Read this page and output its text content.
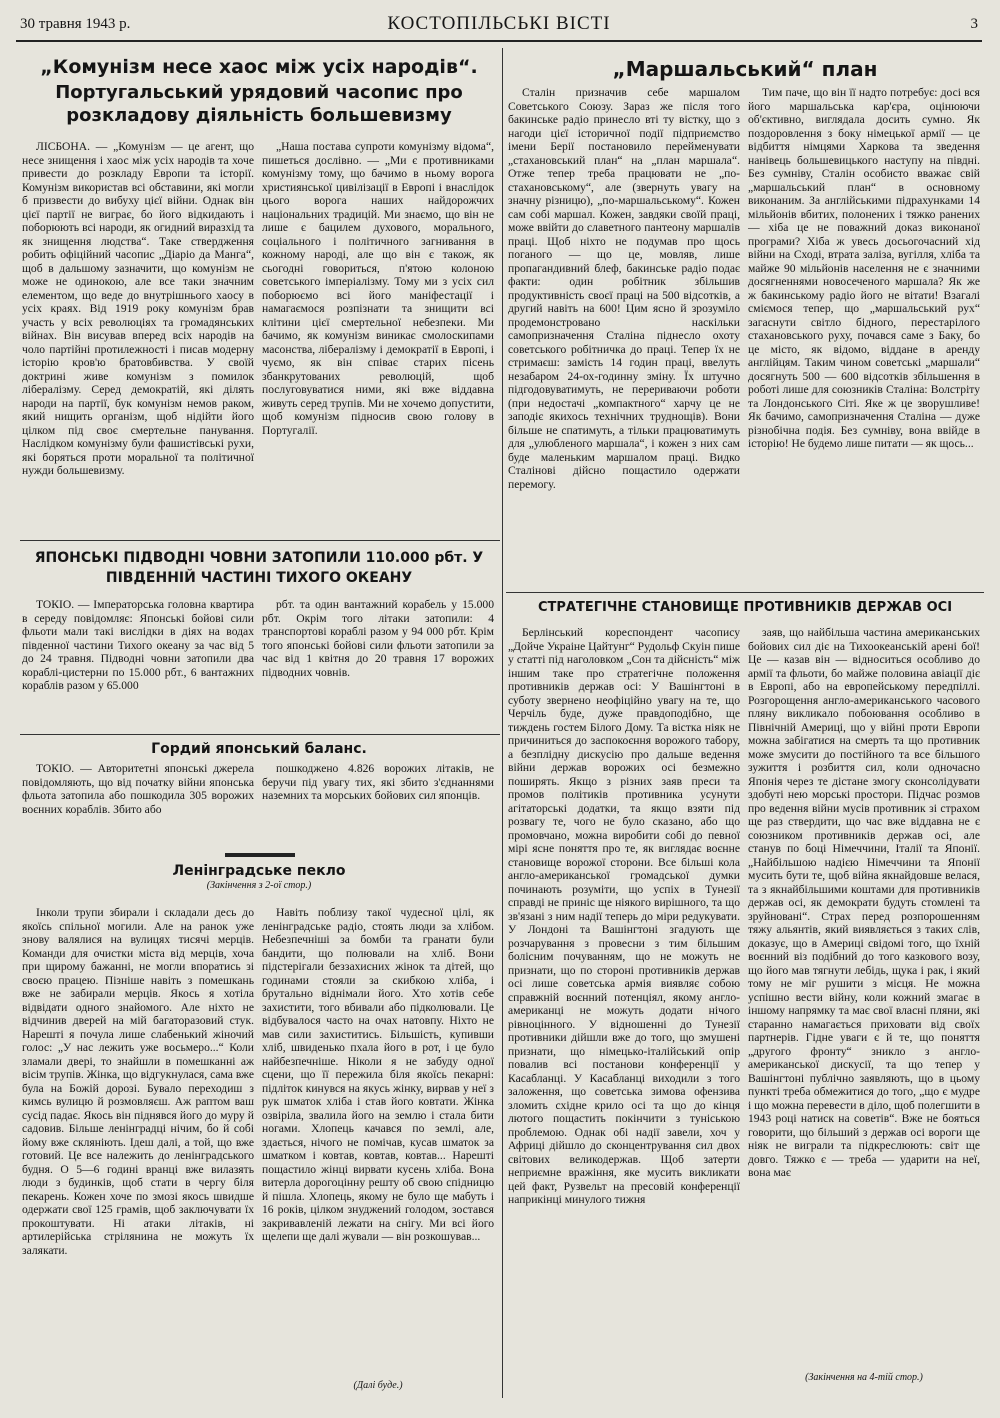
30 травня 1943 р.	КОСТОПІЛЬСЬКІ ВІСТІ	3
„Комунізм несе хаос між усіх народів“.
Португальський урядовий часопис про розкладову діяльність большевизму

ЛІСБОНА. — „Комунізм — це агент, що несе знищення і хаос між усіх народів та хоче привести до розкладу Европи та історії. Комунізм використав всі обставини, які могли б призвести до вибуху цієї війни. Однак він цієї партії не виграє, бо його відкидають і поборюють всі народи, як огидний виразхід та як знищення людства“. Таке ствердження робить офіційний часопис „Діаріо да Манга“, щоб в дальшому зазначити, що комунізм не може не одинокою, але все таки значним елементом, що веде до внутрішнього хаосу в усіх краях. Від 1919 року комунізм брав участь у всіх революціях та громадянських війнах. Він висував вперед всіх народів на чоло партійні протилежності і писав модерну історію кров'ю братовбивства. У своїй доктрині живе комунізм з помилок лібералізму. Серед демократій, які ділять народи на партії, бук комунізм немов раком, який нищить організм, щоб нідійти його цілком під своє смертельне панування. Наслідком комунізму були фашистівські рухи, які боряться проти моральної та політичної нужди большевизму.

„Наша постава супроти комунізму відома“, пишеться дослівно. — „Ми є противниками комунізму тому, що бачимо в ньому ворога християнської цивілізації в Европі і внаслідок цього ворога наших найдорожчих національних традицій. Ми знаємо, що він не лише є бацилем духового, морального, соціального і політичного загнивання в кожному народі, але що він є також, як сьогодні говориться, п'ятою колоною советського імперіалізму. Тому ми з усіх сил поборюємо всі його маніфестації і намагаємося розпізнати та знищити всі клітини цієї смертельної небезпеки. Ми бачимо, як комунізм виникає смолоскипами масонства, лібералізму і демократії в Европі, і чуємо, як він співає старих пісень збанкрутованих революцій, щоб послуговуватися ними, які вже віддавна живуть серед трупів. Ми не хочемо допустити, щоб комунізм підносив свою голову в Португалії.

ЯПОНСЬКІ ПІДВОДНІ ЧОВНИ ЗАТОПИЛИ 110.000 рбт. У ПІВДЕННІЙ ЧАСТИНІ ТИХОГО ОКЕАНУ

ТОКІО. — Імператорська головна квартира в середу повідомляє: Японські бойові сили фльоти мали такі вислідки в діях на водах південної частини Тихого океану за час від 5 до 24 травня. Підводні човни затопили два кораблі-цистерни по 15.000 рбт., 6 вантажних кораблів разом у 65.000

рбт. та один вантажний корабель у 15.000 рбт. Окрім того літаки затопили: 4 транспортові кораблі разом у 94 000 рбт. Крім того японські бойові сили фльоти затопили за час від 1 квітня до 20 травня 17 ворожих підводних човнів.

Гордий японський баланс.

ТОКІО. — Авторитетні японські джерела повідомляють, що від початку війни японська фльота затопила або пошкодила 305 ворожих воєнних кораблів. Збито або

пошкоджено 4.826 ворожих літаків, не беручи під увагу тих, які збито з'єднаннями наземних та морських бойових сил японців.

Ленінградське пекло
(Закінчення з 2-ої стор.)

Інколи трупи збирали і складали десь до якоїсь спільної могили. Але на ранок уже знову валялися на вулицях тисячі мерців. Команди для очистки міста від мерців, хоча при щирому бажанні, не могли впоратись зі своєю працею. Пізніше навіть з помешкань вже не забирали мерців. Якось я хотіла відвідати одного знайомого. Але ніхто не відчинив дверей на мій багаторазовий стук. Нарешті я почула лише слабенький жіночий голос: „У нас лежить уже восьмеро...“ Коли зламали двері, то знайшли в помешканні аж вісім трупів. Жінка, що відгукнулася, сама вже була на Божій дорозі. Бувало переходиш з кимсь вулицю й розмовляєш. Аж раптом ваш сусід падає. Якось він піднявся його до муру й садовив. Більше ленінградці нічим, бо й собі йому вже скляніють. Ідеш далі, а той, що вже готовий. Це все належить до ленінградського будня. О 5—6 годині вранці вже вилазять люди з будинків, щоб стати в чергу біля пекарень. Кожен хоче по змозі якось швидше одержати свої 125 грамів, щоб заключувати їх прокоштувати. Ні атаки літаків, ні артилерійська стрілянина не можуть їх залякати.

Навіть поблизу такої чудесної цілі, як ленінградське радіо, стоять люди за хлібом. Небезпечніші за бомби та гранати були бандити, що полювали на хліб. Вони підстерігали беззахисних жінок та дітей, що годинами стояли за скибкою хліба, і брутально віднімали його. Хто хотів себе захистити, того вбивали або підколювали. Це відбувалося часто на очах натовпу. Ніхто не мав сили захиститись. Більшість, купивши хліб, швиденько пхала його в рот, і це було найбезпечніше. Ніколи я не забуду одної сцени, що її пережила біля якоїсь пекарні: підліток кинувся на якусь жінку, вирвав у неї з рук шматок хліба і став його ковтати. Жінка озвіріла, звалила його на землю і стала бити ногами. Хлопець качався по землі, але, здається, нічого не помічав, кусав шматок за шматком і ковтав, ковтав, ковтав... Нарешті пощастило жінці вирвати кусень хліба. Вона витерла дорогоцінну решту об свою спідницю й пішла. Хлопець, якому не було ще мабуть і 16 років, цілком знуджений голодом, зостався закривавленій лежати на снігу. Ми всі його щелепи ще далі жували — він розкошував...

(Далі буде.)
„Маршальський“ план

Сталін призначив себе маршалом Советського Союзу. Зараз же після того бакинське радіо принесло вті ту вістку, що з нагоди цієї історичної події підприємство імени Берії постановило перейменувати „стахановський план“ на „план маршала“. Отже тепер треба працювати не „по-стахановському“, але (звернуть увагу на значну різницю), „по-маршальському“. Кожен сам собі маршал. Кожен, завдяки своїй праці, може ввійти до славетного пантеону маршалів праці. Щоб ніхто не подумав про щось поганого — що це, мовляв, лише пропагандивний блеф, бакинське радіо подає факти: один робітник збільшив продуктивність своєї праці на 500 відсотків, а другий навіть на 600! Цим ясно й зрозуміло продемонстровано наскільки самопризначення Сталіна піднесло охоту советського робітничка до праці. Тепер їх не стримаєш: замість 14 годин праці, ввелуть незабаром 24-ох-годинну зміну. Їх штучно підгодовуватимуть, не перериваючи роботи (при недостачі „компактного“ харчу це не заподіє якихось технічних труднощів). Вони більше не спатимуть, а тільки працюватимуть для „улюбленого маршала“, і кожен з них сам буде маленьким маршалом праці. Видко Сталінові дійсно пощастило одержати перемогу.

Тим паче, що він її надто потребує: досі вся його маршальська кар'єра, оцінюючи об'єктивно, виглядала досить сумно. Як поздоровлення з боку німецької армії — це відбиття німцями Харкова та зведення нанівець большевицького наступу на півдні. Без сумніву, Сталін особисто вважає свій „маршальський план“ в основному виконаним. За англійськими підрахунками 14 мільйонів вбитих, полонених і тяжко ранених — хіба це не поважний доказ виконаної програми? Хіба ж увесь досьогочасний хід війни на Сході, втрата заліза, вугілля, хліба та майже 90 мільйонів населення не є значними досягненнями новосеченого маршала? Як же ж бакинському радіо його не вітати! Взагалі сміємося тепер, що „маршальський рух“ загаснути світло бідного, перестарілого стахановського руху, почався саме з Баку, бо це місто, як відомо, віддане в аренду англійцям. Таким чином советські „маршали“ досягнуть 500 — 600 відсотків збільшення в роботі лише для союзників Сталіна: Волстріту та Лондонського Сіті. Яке ж це зворушливе! Як бачимо, самопризначення Сталіна — дуже різнобічна подія. Без сумніву, вона ввійде в історію! Не будемо лише питати — як щось...

СТРАТЕГІЧНЕ СТАНОВИЩЕ ПРОТИВНИКІВ ДЕРЖАВ ОСІ

Берлінський кореспондент часопису „Дойче Украіне Цайтунг“ Рудольф Скуін пише у статті під наголовком „Сон та дійсність“ між іншим таке про стратегічне положення противників держав осі: У Вашінгтоні в суботу звернено неофіційно увагу на те, що Черчіль буде, дуже правдоподібно, ще тиждень гостем Білого Дому. Та вістка ніяк не причиниться до заспокоєння ворожого табору, а безплідну дискусію про дальше ведення війни держав ворожих осі безмежно поширять. Якщо з різних заяв преси та промов політиків противника усунути агітаторські додатки, та якщо взяти під розвагу те, чого не було сказано, або що промовчано, можна виробити собі до певної мірі ясне поняття про те, як виглядає воєнне становище ворожої сторони. Все більші кола англо-американської громадської думки починають розуміти, що успіх в Тунезії справді не приніс ще ніякого вирішного, та що зв'язані з ним надії теперь до міри редукувати. У Лондоні та Вашінгтоні згадують ще розчарування з провесни з тим більшим болісним почуванням, що не можуть не признати, що по стороні противників держав осі лише советська армія виявляє собою справжній воєнний потенціял, якому англо-американці не можуть додати нічого рівноцінного. У відношенні до Тунезії противники дійшли вже до того, що змушені признати, що німецько-італійський опір повалив всі постанови конференції у Касабланці. У Касабланці виходили з того заложення, що советська зимова офензива зломить східне крило осі та що до кінця лютого пощастить покінчити з туніською проблемою. Однак обі надії завели, хоч у Африці дійшло до сконцентрування сил двох світових великодержав. Щоб затерти неприємне вражіння, яке мусить викликати цей факт, Рузвельт на пресовій конференції наприкінці минулого тижня

заяв, що найбільша частина американських бойових сил діє на Тихоокеанській арені бої! Це — казав він — відноситься особливо до армії та фльоти, бо майже половина авіації діє в Европі, або на европейському передпіллі. Розгорощення англо-американського часового пляну викликало побоювання особливо в Північній Америці, що у війні проти Европи можна забігатися на смерть та що противник може змусити до постійного та все більшого зужиття і розбиття сил, коли одночасно Японія через те дістане змогу сконсолідувати здобуті нею морські простори. Підчас розмов про ведення війни мусів противник зі страхом ще раз ствердити, що час вже віддавна не є союзником противників держав осі, але станув по боці Німеччини, Італії та Японії. „Найбільшою надією Німеччини та Японії мусить бути те, щоб війна якнайдовше велася, та з якнайбільшими коштами для противників держав осі, як демократи будуть стомлені та зруйновані“. Страх перед розпорошенням тяжу альянтів, який виявляється з таких слів, доказує, що в Америці свідомі того, що їхній воєнний віз подібний до того казкового возу, що його мав тягнути лебідь, щука і рак, і який тому не міг рушити з місця. Не можна успішно вести війну, коли кожний змагає в іншому напрямку та має свої власні пляни, які старанно намагається приховати від своїх партнерів. Гідне уваги є й те, що поняття „другого фронту“ зникло з англо-американської дискусії, та що тепер у Вашінгтоні публічно заявляють, що в цьому пункті треба обмежитися до того, „що є мудре і що можна перевести в діло, щоб полегшити в 1943 році натиск на советів“. Вже не бояться говорити, що більший з держав осі вороги ще ніяк не виграли та підкреслюють: світ ще довго. Тяжко є — треба — ударити на неї, вона має

(Закінчення на 4-тій стор.)
